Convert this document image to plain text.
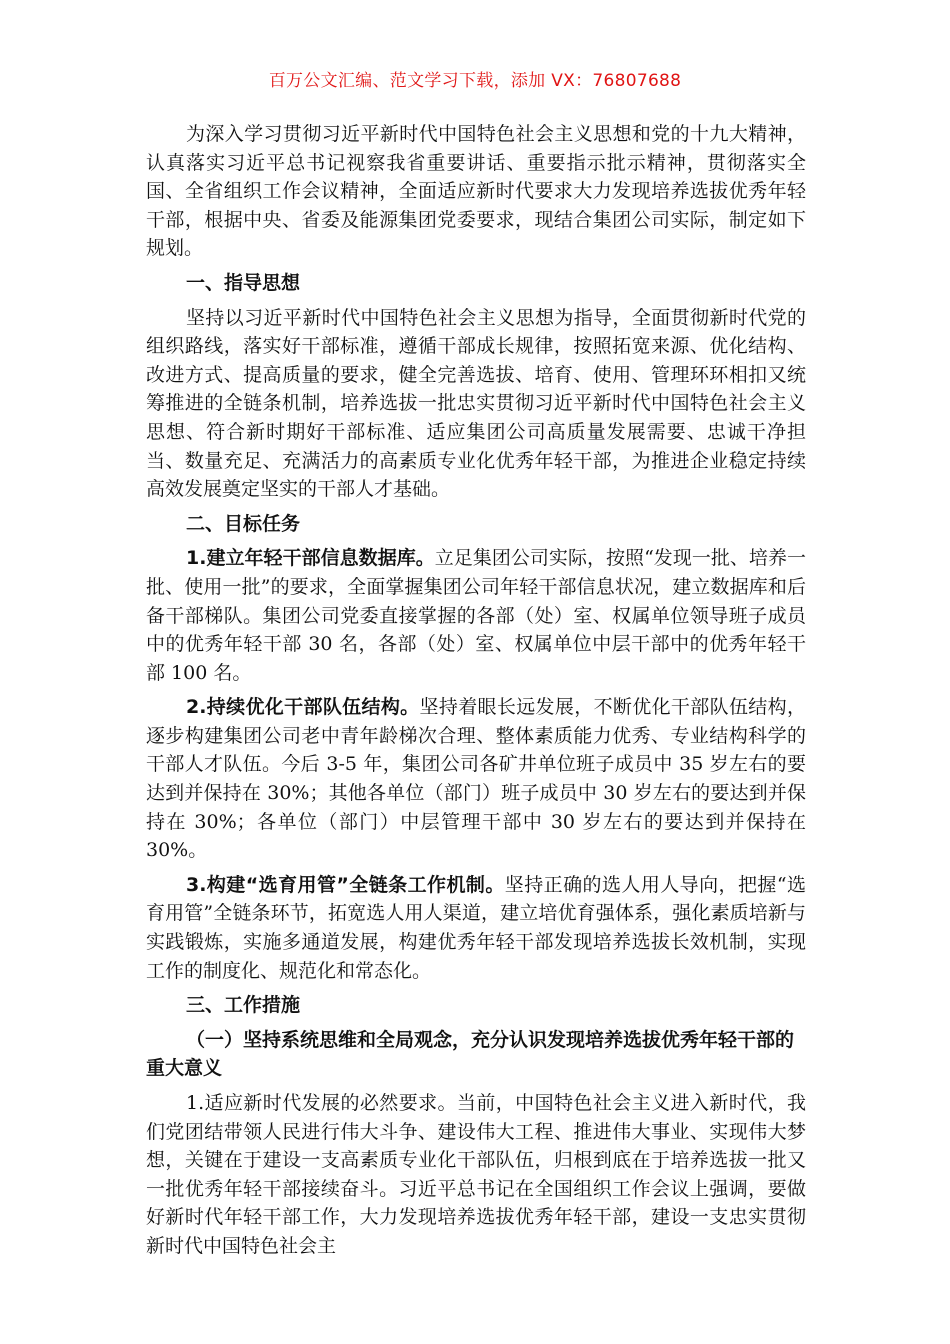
百万公文汇编、范文学习下载，添加 VX：76807688

为深入学习贯彻习近平新时代中国特色社会主义思想和党的十九大精神，认真落实习近平总书记视察我省重要讲话、重要指示批示精神，贯彻落实全国、全省组织工作会议精神，全面适应新时代要求大力发现培养选拔优秀年轻干部，根据中央、省委及能源集团党委要求，现结合集团公司实际，制定如下规划。

一、指导思想

坚持以习近平新时代中国特色社会主义思想为指导，全面贯彻新时代党的组织路线，落实好干部标准，遵循干部成长规律，按照拓宽来源、优化结构、改进方式、提高质量的要求，健全完善选拔、培育、使用、管理环环相扣又统筹推进的全链条机制，培养选拔一批忠实贯彻习近平新时代中国特色社会主义思想、符合新时期好干部标准、适应集团公司高质量发展需要、忠诚干净担当、数量充足、充满活力的高素质专业化优秀年轻干部，为推进企业稳定持续高效发展奠定坚实的干部人才基础。

二、目标任务

1.建立年轻干部信息数据库。立足集团公司实际，按照“发现一批、培养一批、使用一批”的要求，全面掌握集团公司年轻干部信息状况，建立数据库和后备干部梯队。集团公司党委直接掌握的各部（处）室、权属单位领导班子成员中的优秀年轻干部 30 名，各部（处）室、权属单位中层干部中的优秀年轻干部 100 名。

2.持续优化干部队伍结构。坚持着眼长远发展，不断优化干部队伍结构，逐步构建集团公司老中青年龄梯次合理、整体素质能力优秀、专业结构科学的干部人才队伍。今后 3-5 年，集团公司各矿井单位班子成员中 35 岁左右的要达到并保持在 30%；其他各单位（部门）班子成员中 30 岁左右的要达到并保持在 30%；各单位（部门）中层管理干部中 30 岁左右的要达到并保持在 30%。

3.构建“选育用管”全链条工作机制。坚持正确的选人用人导向，把握“选育用管”全链条环节，拓宽选人用人渠道，建立培优育强体系，强化素质培新与实践锻炼，实施多通道发展，构建优秀年轻干部发现培养选拔长效机制，实现工作的制度化、规范化和常态化。

三、工作措施
（一）坚持系统思维和全局观念，充分认识发现培养选拔优秀年轻干部的重大意义

1.适应新时代发展的必然要求。当前，中国特色社会主义进入新时代，我们党团结带领人民进行伟大斗争、建设伟大工程、推进伟大事业、实现伟大梦想，关键在于建设一支高素质专业化干部队伍，归根到底在于培养选拔一批又一批优秀年轻干部接续奋斗。习近平总书记在全国组织工作会议上强调，要做好新时代年轻干部工作，大力发现培养选拔优秀年轻干部，建设一支忠实贯彻新时代中国特色社会主
